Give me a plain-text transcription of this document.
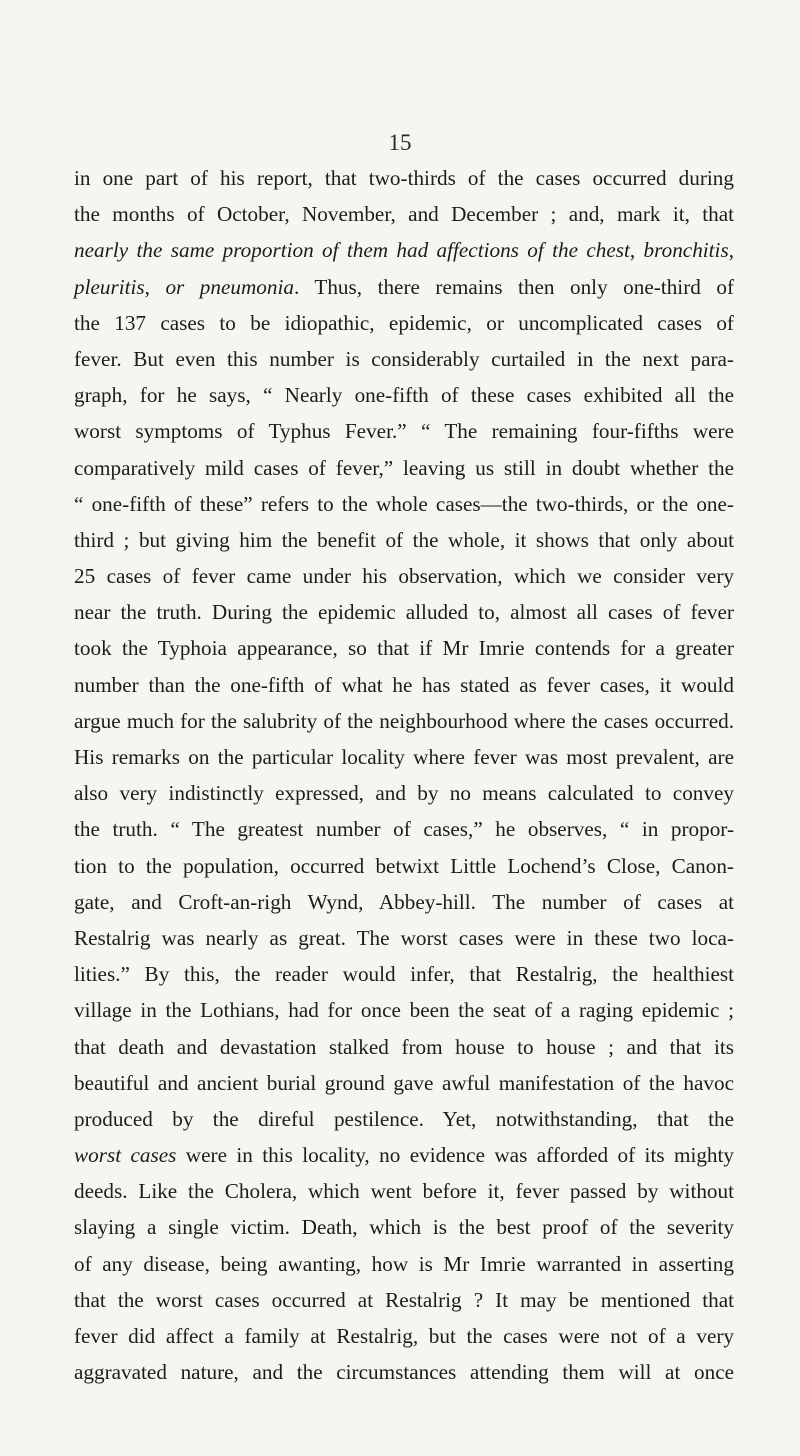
15
in one part of his report, that two-thirds of the cases occurred during
the months of October, November, and December ; and, mark it, that
nearly the same proportion of them had affections of the chest, bronchitis,
pleuritis, or pneumonia. Thus, there remains then only one-third of
the 137 cases to be idiopathic, epidemic, or uncomplicated cases of
fever. But even this number is considerably curtailed in the next para-
graph, for he says, “ Nearly one-fifth of these cases exhibited all the
worst symptoms of Typhus Fever.” “ The remaining four-fifths were
comparatively mild cases of fever,” leaving us still in doubt whether the
“ one-fifth of these” refers to the whole cases—the two-thirds, or the one-
third ; but giving him the benefit of the whole, it shows that only about
25 cases of fever came under his observation, which we consider very
near the truth. During the epidemic alluded to, almost all cases of fever
took the Typhoia appearance, so that if Mr Imrie contends for a greater
number than the one-fifth of what he has stated as fever cases, it would
argue much for the salubrity of the neighbourhood where the cases occurred.
His remarks on the particular locality where fever was most prevalent, are
also very indistinctly expressed, and by no means calculated to convey
the truth. “ The greatest number of cases,” he observes, “ in propor-
tion to the population, occurred betwixt Little Lochend’s Close, Canon-
gate, and Croft-an-righ Wynd, Abbey-hill. The number of cases at
Restalrig was nearly as great. The worst cases were in these two loca-
lities.” By this, the reader would infer, that Restalrig, the healthiest
village in the Lothians, had for once been the seat of a raging epidemic ;
that death and devastation stalked from house to house ; and that its
beautiful and ancient burial ground gave awful manifestation of the havoc
produced by the direful pestilence. Yet, notwithstanding, that the
worst cases were in this locality, no evidence was afforded of its mighty
deeds. Like the Cholera, which went before it, fever passed by without
slaying a single victim. Death, which is the best proof of the severity
of any disease, being awanting, how is Mr Imrie warranted in asserting
that the worst cases occurred at Restalrig ? It may be mentioned that
fever did affect a family at Restalrig, but the cases were not of a very
aggravated nature, and the circumstances attending them will at once
